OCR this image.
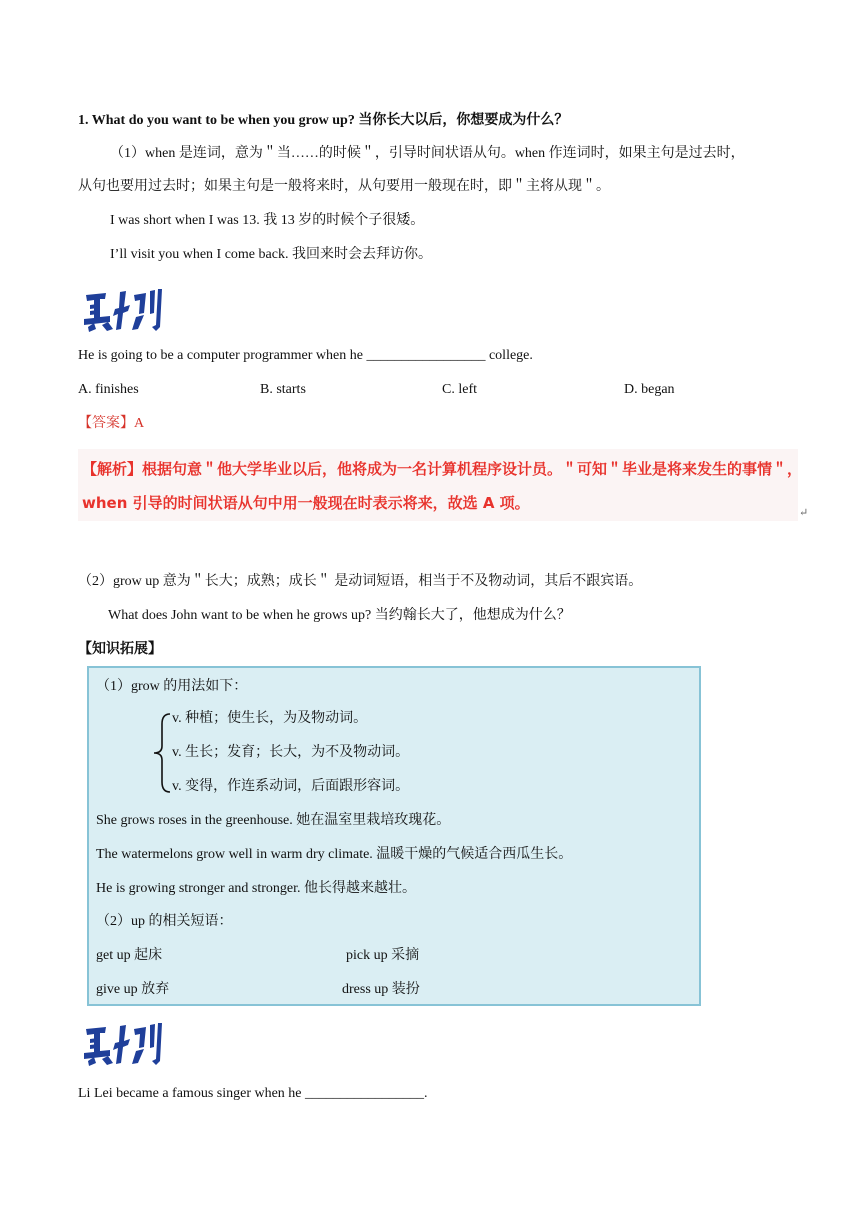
1. What do you want to be when you grow up? 当你长大以后，你想要成为什么？
（1）when 是连词，意为＂当……的时候＂，引导时间状语从句。when 作连词时，如果主句是过去时，
从句也要用过去时；如果主句是一般将来时，从句要用一般现在时，即＂主将从现＂。
I was short when I was 13. 我 13 岁的时候个子很矮。
I’ll visit you when I come back. 我回来时会去拜访你。
He is going to be a computer programmer when he _________________ college.
A. finishes	B. starts	C. left	D. began
【答案】A
【解析】根据句意＂他大学毕业以后，他将成为一名计算机程序设计员。＂可知＂毕业是将来发生的事情＂，
when 引导的时间状语从句中用一般现在时表示将来，故选 A 项。
↵
（2）grow up 意为＂长大；成熟；成长＂ 是动词短语，相当于不及物动词，其后不跟宾语。
What does John want to be when he grows up? 当约翰长大了，他想成为什么？
【知识拓展】
（1）grow 的用法如下：
v. 种植；使生长，为及物动词。
v. 生长；发育；长大，为不及物动词。
v. 变得，作连系动词，后面跟形容词。
She grows roses in the greenhouse. 她在温室里栽培玫瑰花。
The watermelons grow well in warm dry climate. 温暖干燥的气候适合西瓜生长。
He is growing stronger and stronger. 他长得越来越壮。
（2）up 的相关短语：
get up 起床	pick up 采摘
give up 放弃	dress up 装扮
Li Lei became a famous singer when he _________________.
